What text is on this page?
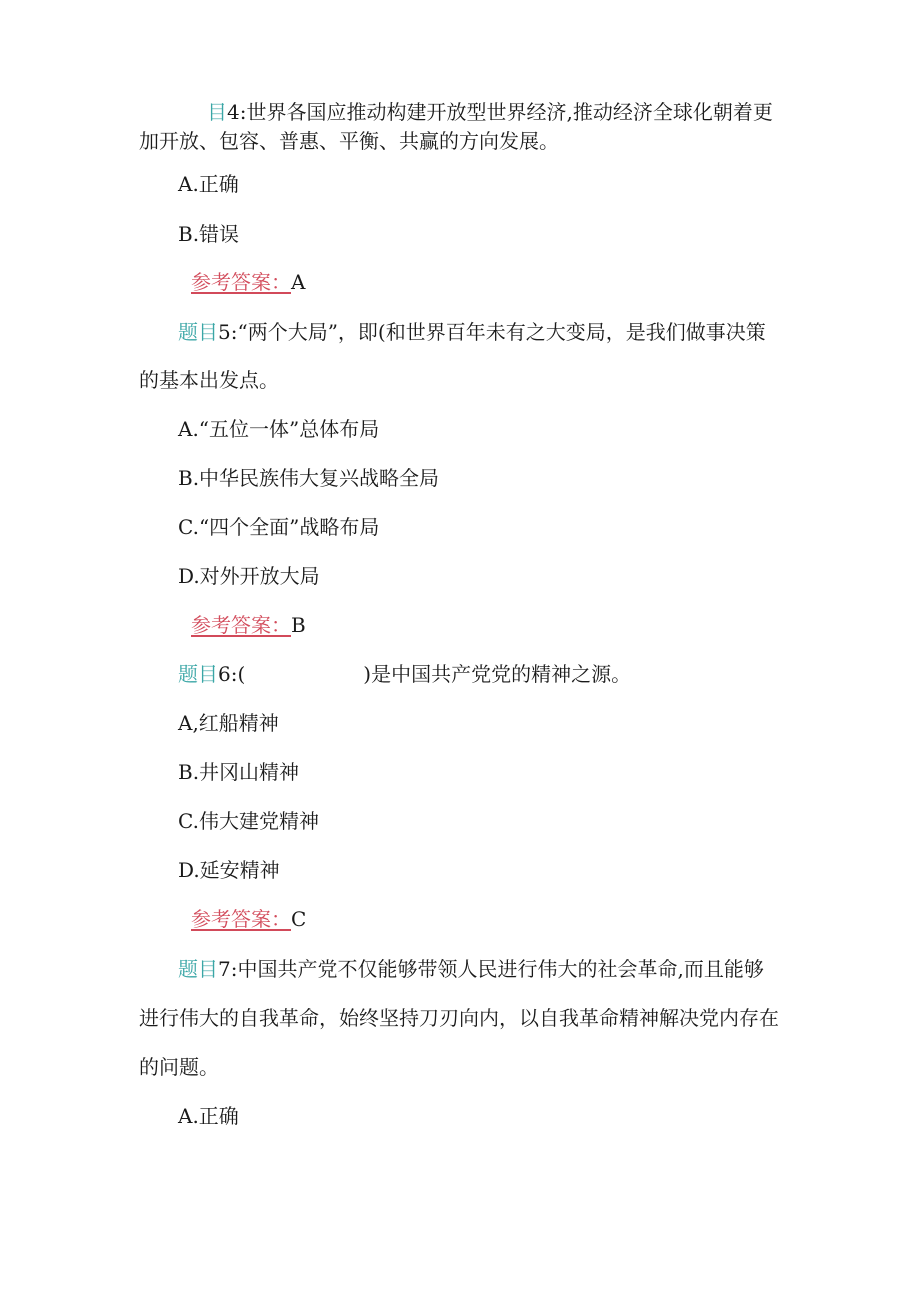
目4:世界各国应推动构建开放型世界经济,推动经济全球化朝着更
加开放、包容、普惠、平衡、共赢的方向发展。
A.正确
B.错误
参考答案：A
题目5:“两个大局”，即(和世界百年未有之大变局，是我们做事决策
的基本出发点。
A.“五位一体”总体布局
B.中华民族伟大复兴战略全局
C.“四个全面”战略布局
D.对外开放大局
参考答案：B
题目6:(	)是中国共产党党的精神之源。
A,红船精神
B.井冈山精神
C.伟大建党精神
D.延安精神
参考答案：C
题目7:中国共产党不仅能够带领人民进行伟大的社会革命,而且能够
进行伟大的自我革命，始终坚持刀刃向内，以自我革命精神解决党内存在
的问题。
A.正确
